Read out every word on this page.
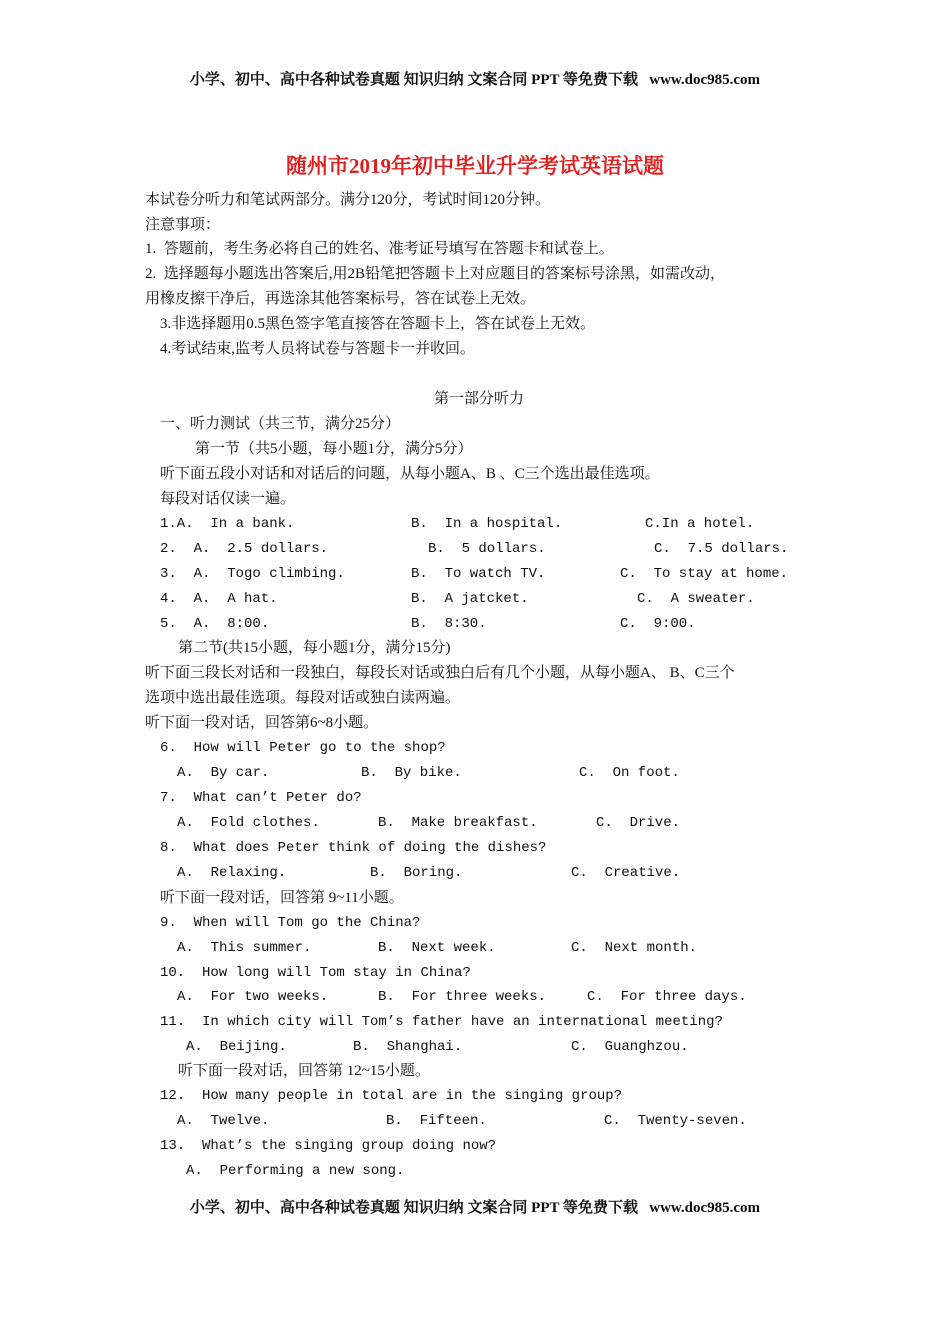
小学、初中、高中各种试卷真题 知识归纳 文案合同 PPT 等免费下载   www.doc985.com
随州市2019年初中毕业升学考试英语试题
本试卷分听力和笔试两部分。满分120分，考试时间120分钟。
注意事项：
1.  答题前，考生务必将自己的姓名、准考证号填写在答题卡和试卷上。
2.  选择题每小题选出答案后,用2B铅笔把答题卡上对应题目的答案标号涂黑，如需改动，
用橡皮擦干净后，再选涂其他答案标号，答在试卷上无效。
3.非选择题用0.5黑色签字笔直接答在答题卡上，答在试卷上无效。
4.考试结束,监考人员将试卷与答题卡一并收回。
第一部分听力
一、听力测试（共三节，满分25分）
第一节（共5小题，每小题1分，满分5分）
听下面五段小对话和对话后的问题，从每小题A、B 、C三个选出最佳选项。
每段对话仅读一遍。
1.A.  In a bank.	B.  In a hospital.	C.In a hotel.
2.  A.  2.5 dollars.	B.  5 dollars.	C.  7.5 dollars.
3.  A.  Togo climbing.	B.  To watch TV.	C.  To stay at home.
4.  A.  A hat.	B.  A jatcket.	C.  A sweater.
5.  A.  8:00.	B.  8:30.	C.  9:00.
第二节(共15小题，每小题1分，满分15分)
听下面三段长对话和一段独白，每段长对话或独白后有几个小题，从每小题A、 B、C三个
选项中选出最佳选项。每段对话或独白读两遍。
听下面一段对话，回答第6~8小题。
6.  How will Peter go to the shop?
A.  By car.	B.  By bike.	C.  On foot.
7.  What can’t Peter do?
A.  Fold clothes.	B.  Make breakfast.	C.  Drive.
8.  What does Peter think of doing the dishes?
A.  Relaxing.	B.  Boring.	C.  Creative.
听下面一段对话，回答第 9~11小题。
9.  When will Tom go the China?
A.  This summer.	B.  Next week.	C.  Next month.
10.  How long will Tom stay in China?
A.  For two weeks.	B.  For three weeks.	C.  For three days.
11.  In which city will Tom’s father have an international meeting?
A.  Beijing.	B.  Shanghai.	C.  Guanghzou.
听下面一段对话，回答第 12~15小题。
12.  How many people in total are in the singing group?
A.  Twelve.	B.  Fifteen.	C.  Twenty-seven.
13.  What’s the singing group doing now?
A.  Performing a new song.
小学、初中、高中各种试卷真题 知识归纳 文案合同 PPT 等免费下载   www.doc985.com
